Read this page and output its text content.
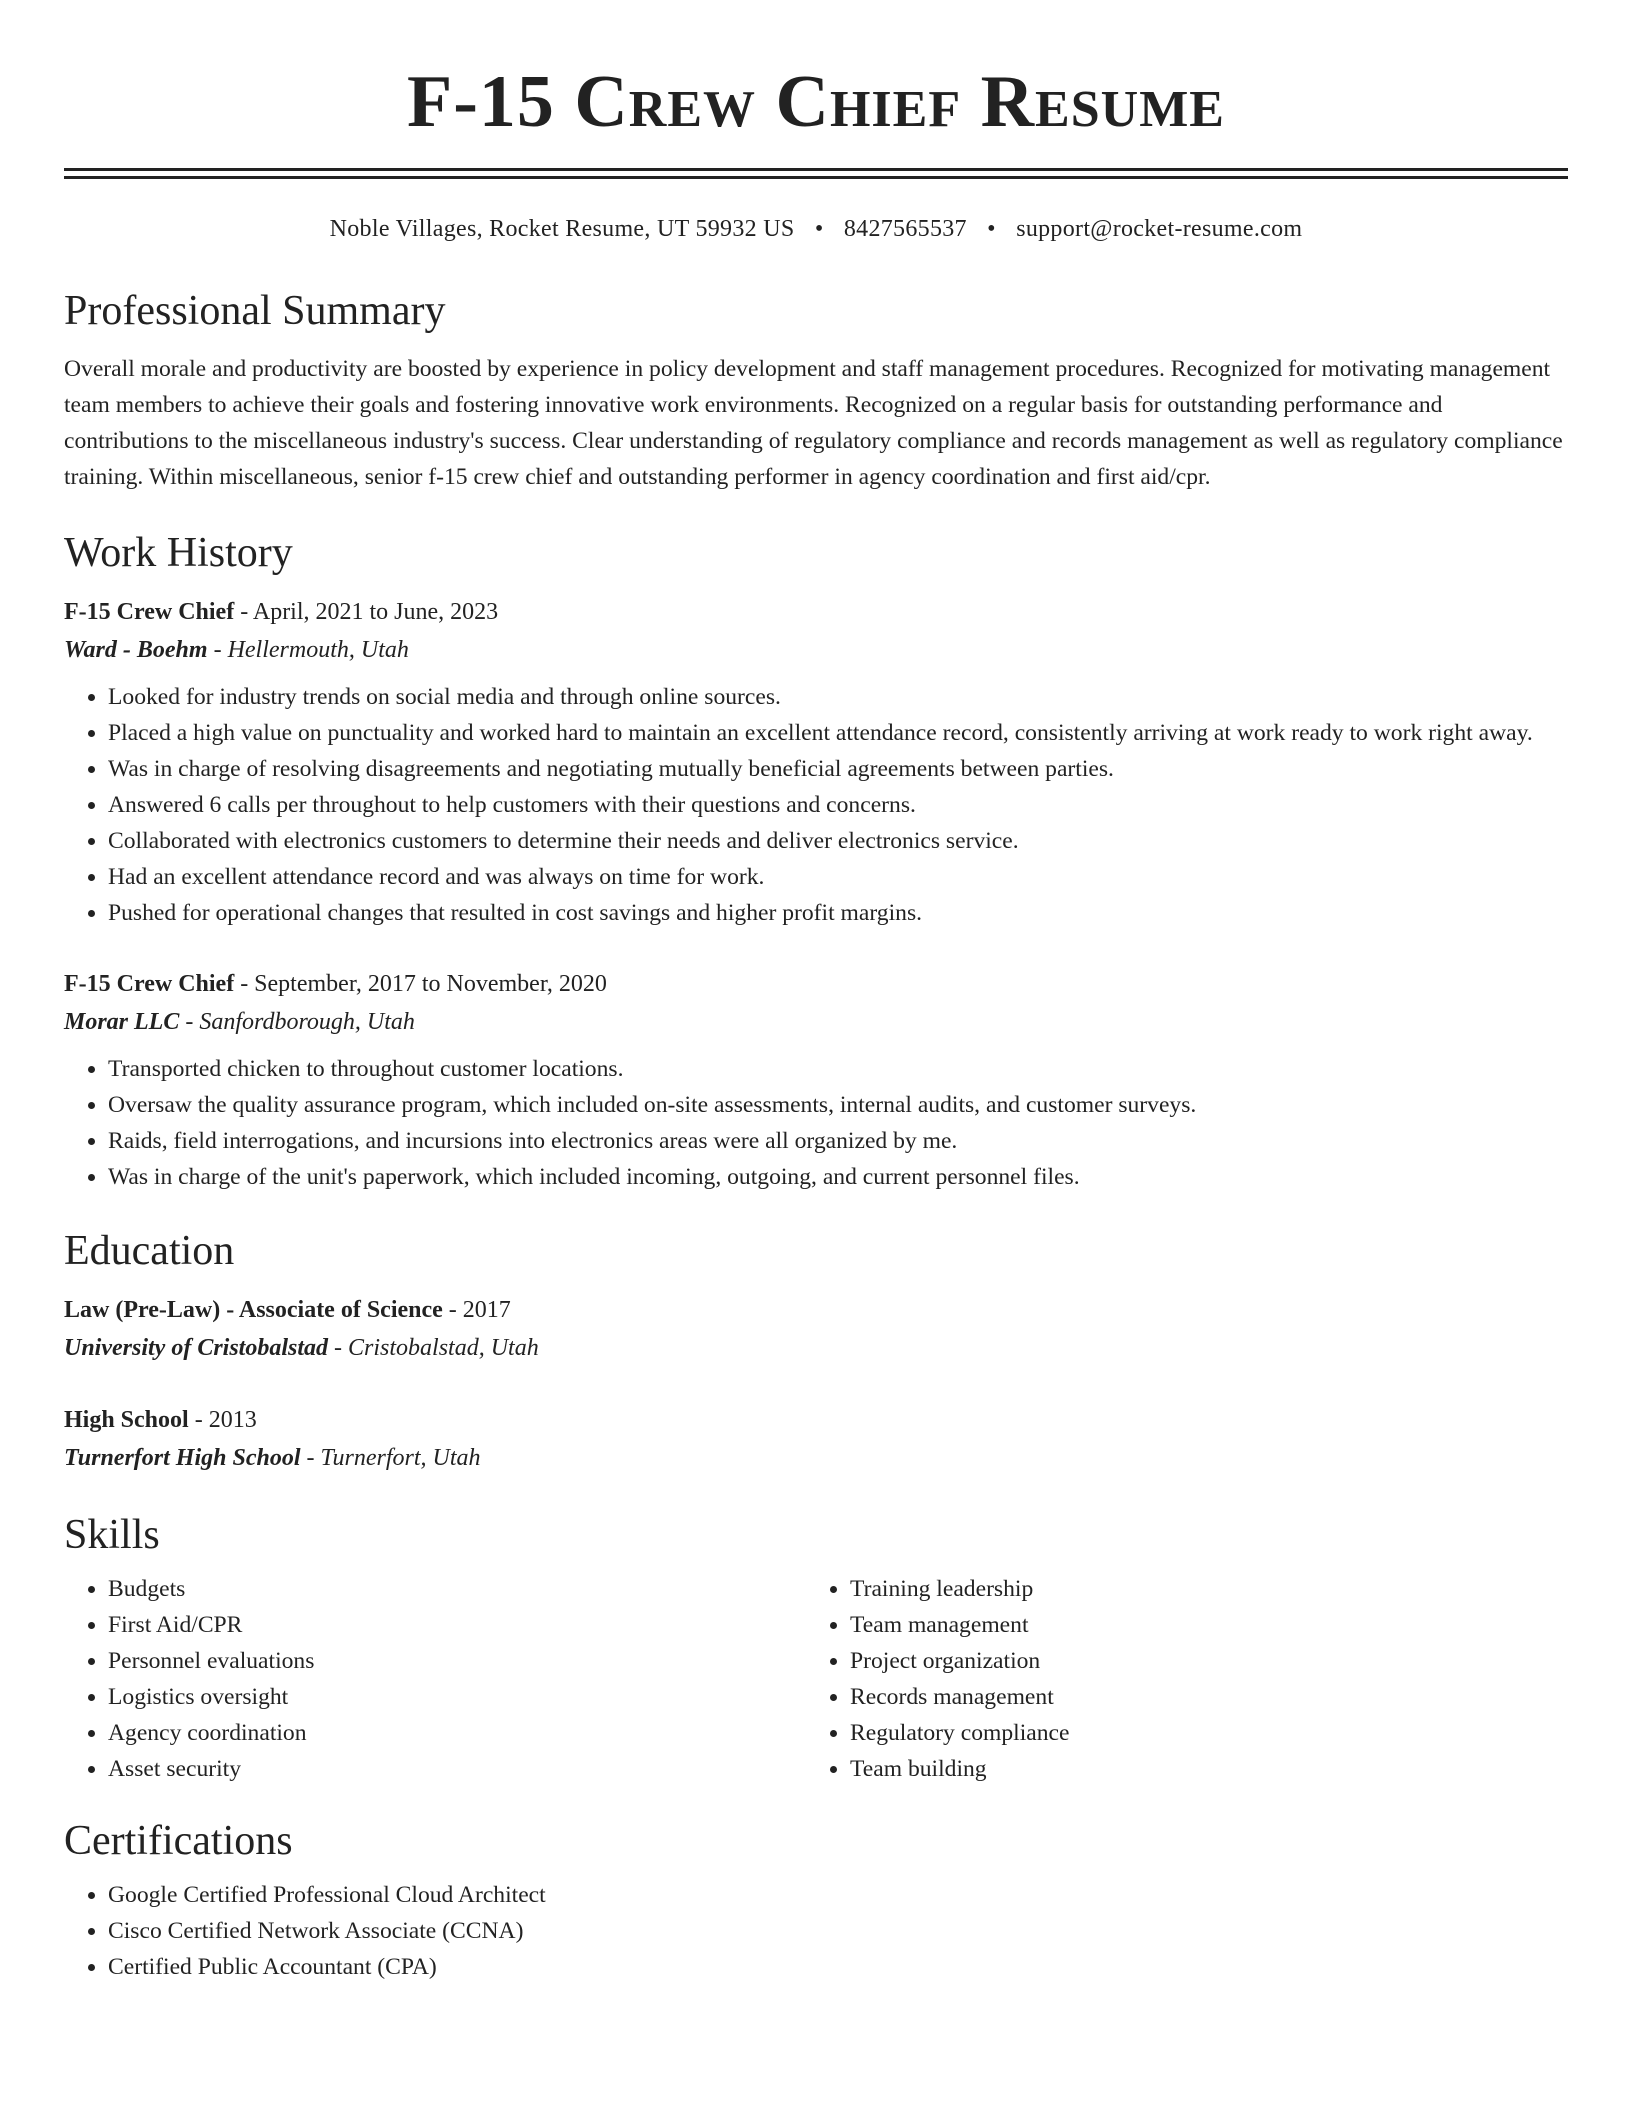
F-15 Crew Chief Resume
Noble Villages, Rocket Resume, UT 59932 US • 8427565537 • support@rocket-resume.com
Professional Summary

Overall morale and productivity are boosted by experience in policy development and staff management procedures. Recognized for motivating management team members to achieve their goals and fostering innovative work environments. Recognized on a regular basis for outstanding performance and contributions to the miscellaneous industry's success. Clear understanding of regulatory compliance and records management as well as regulatory compliance training. Within miscellaneous, senior f-15 crew chief and outstanding performer in agency coordination and first aid/cpr.

Work History
F-15 Crew Chief - April, 2021 to June, 2023
Ward - Boehm - Hellermouth, Utah
• Looked for industry trends on social media and through online sources.
• Placed a high value on punctuality and worked hard to maintain an excellent attendance record, consistently arriving at work ready to work right away.
• Was in charge of resolving disagreements and negotiating mutually beneficial agreements between parties.
• Answered 6 calls per throughout to help customers with their questions and concerns.
• Collaborated with electronics customers to determine their needs and deliver electronics service.
• Had an excellent attendance record and was always on time for work.
• Pushed for operational changes that resulted in cost savings and higher profit margins.
F-15 Crew Chief - September, 2017 to November, 2020
Morar LLC - Sanfordborough, Utah
• Transported chicken to throughout customer locations.
• Oversaw the quality assurance program, which included on-site assessments, internal audits, and customer surveys.
• Raids, field interrogations, and incursions into electronics areas were all organized by me.
• Was in charge of the unit's paperwork, which included incoming, outgoing, and current personnel files.
Education
Law (Pre-Law) - Associate of Science - 2017
University of Cristobalstad - Cristobalstad, Utah
High School - 2013
Turnerfort High School - Turnerfort, Utah
Skills
• Budgets
• First Aid/CPR
• Personnel evaluations
• Logistics oversight
• Agency coordination
• Asset security
• Training leadership
• Team management
• Project organization
• Records management
• Regulatory compliance
• Team building
Certifications
• Google Certified Professional Cloud Architect
• Cisco Certified Network Associate (CCNA)
• Certified Public Accountant (CPA)
